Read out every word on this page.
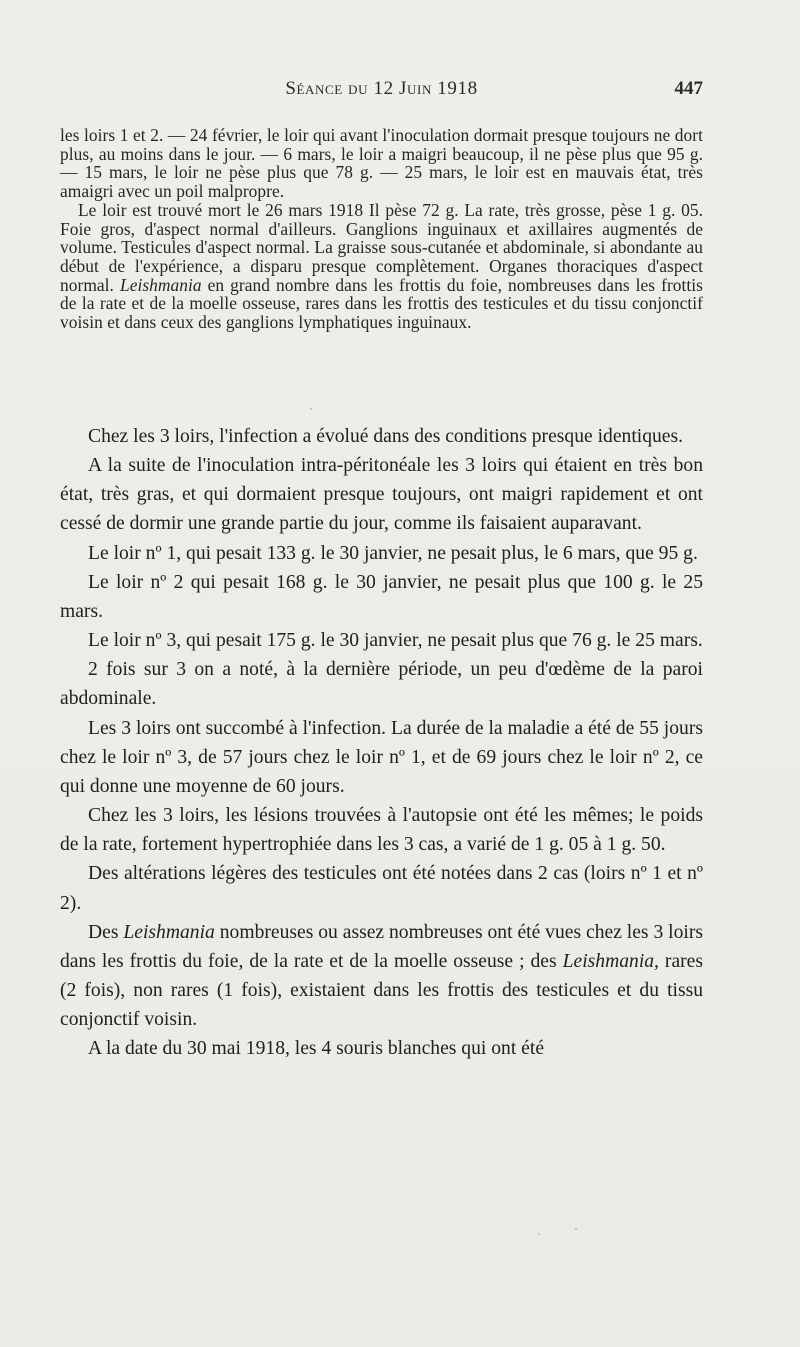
Séance du 12 Juin 1918	447

les loirs 1 et 2. — 24 février, le loir qui avant l'inoculation dormait presque toujours ne dort plus, au moins dans le jour. — 6 mars, le loir a maigri beaucoup, il ne pèse plus que 95 g. — 15 mars, le loir ne pèse plus que 78 g. — 25 mars, le loir est en mauvais état, très amaigri avec un poil malpropre.

Le loir est trouvé mort le 26 mars 1918 Il pèse 72 g. La rate, très grosse, pèse 1 g. 05. Foie gros, d'aspect normal d'ailleurs. Ganglions inguinaux et axillaires augmentés de volume. Testicules d'aspect normal. La graisse sous-cutanée et abdominale, si abondante au début de l'expérience, a disparu presque complètement. Organes thoraciques d'aspect normal. Leishmania en grand nombre dans les frottis du foie, nombreuses dans les frottis de la rate et de la moelle osseuse, rares dans les frottis des testicules et du tissu conjonctif voisin et dans ceux des ganglions lymphatiques inguinaux.

Chez les 3 loirs, l'infection a évolué dans des conditions presque identiques.

A la suite de l'inoculation intra-péritonéale les 3 loirs qui étaient en très bon état, très gras, et qui dormaient presque toujours, ont maigri rapidement et ont cessé de dormir une grande partie du jour, comme ils faisaient auparavant.

Le loir nº 1, qui pesait 133 g. le 30 janvier, ne pesait plus, le 6 mars, que 95 g.

Le loir nº 2 qui pesait 168 g. le 30 janvier, ne pesait plus que 100 g. le 25 mars.

Le loir nº 3, qui pesait 175 g. le 30 janvier, ne pesait plus que 76 g. le 25 mars.

2 fois sur 3 on a noté, à la dernière période, un peu d'œdème de la paroi abdominale.

Les 3 loirs ont succombé à l'infection. La durée de la maladie a été de 55 jours chez le loir nº 3, de 57 jours chez le loir nº 1, et de 69 jours chez le loir nº 2, ce qui donne une moyenne de 60 jours.

Chez les 3 loirs, les lésions trouvées à l'autopsie ont été les mêmes; le poids de la rate, fortement hypertrophiée dans les 3 cas, a varié de 1 g. 05 à 1 g. 50.

Des altérations légères des testicules ont été notées dans 2 cas (loirs nº 1 et nº 2).

Des Leishmania nombreuses ou assez nombreuses ont été vues chez les 3 loirs dans les frottis du foie, de la rate et de la moelle osseuse ; des Leishmania, rares (2 fois), non rares (1 fois), existaient dans les frottis des testicules et du tissu conjonctif voisin.

A la date du 30 mai 1918, les 4 souris blanches qui ont été
